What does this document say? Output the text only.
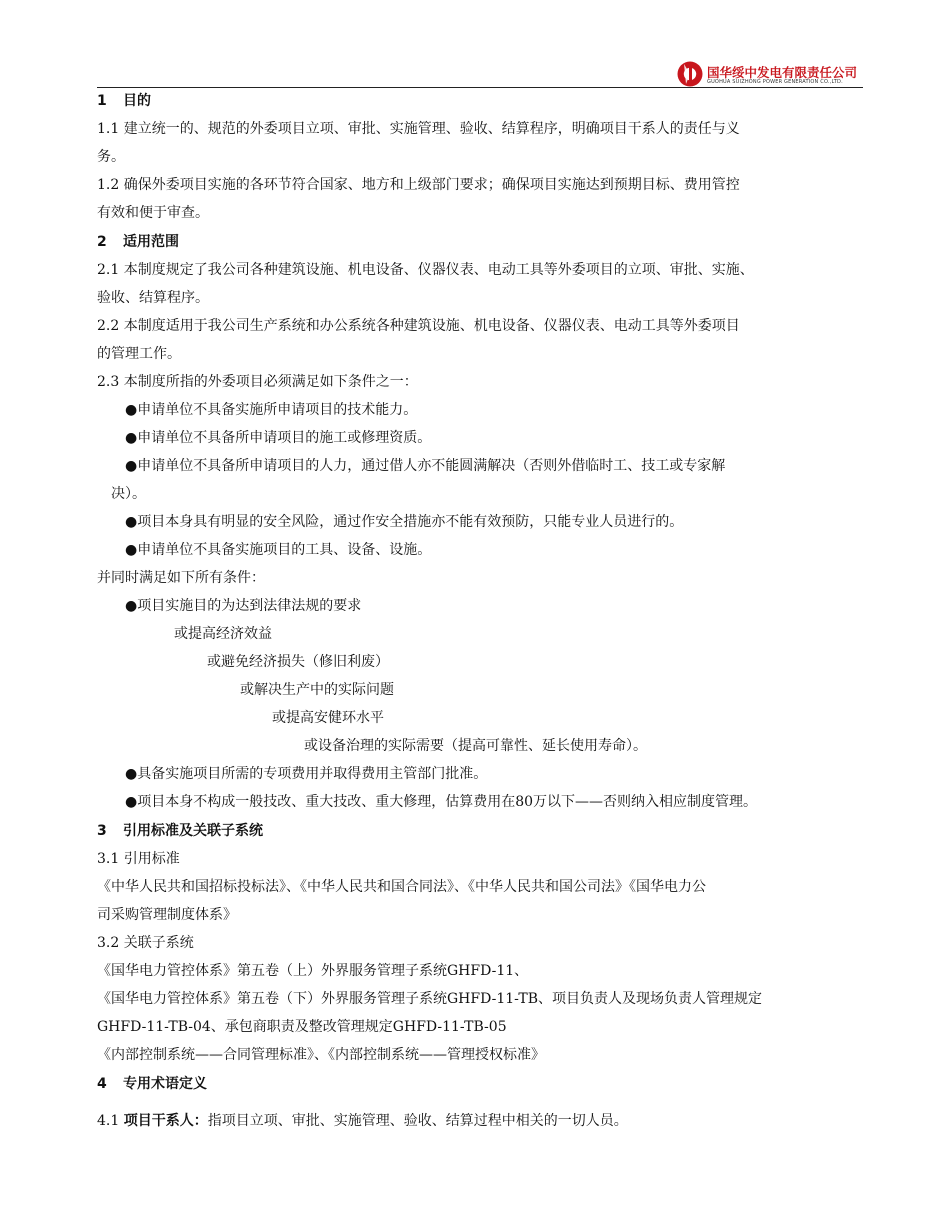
国华绥中发电有限责任公司
GUOHUA SUIZHONG POWER GENERATION CO.,LTD.
1 目的
1.1 建立统一的、规范的外委项目立项、审批、实施管理、验收、结算程序，明确项目干系人的责任与义
务。
1.2 确保外委项目实施的各环节符合国家、地方和上级部门要求；确保项目实施达到预期目标、费用管控
有效和便于审查。
2 适用范围
2.1 本制度规定了我公司各种建筑设施、机电设备、仪器仪表、电动工具等外委项目的立项、审批、实施、
验收、结算程序。
2.2 本制度适用于我公司生产系统和办公系统各种建筑设施、机电设备、仪器仪表、电动工具等外委项目
的管理工作。
2.3 本制度所指的外委项目必须满足如下条件之一：
●申请单位不具备实施所申请项目的技术能力。
●申请单位不具备所申请项目的施工或修理资质。
●申请单位不具备所申请项目的人力，通过借人亦不能圆满解决（否则外借临时工、技工或专家解
决）。
●项目本身具有明显的安全风险，通过作安全措施亦不能有效预防，只能专业人员进行的。
●申请单位不具备实施项目的工具、设备、设施。
并同时满足如下所有条件：
●项目实施目的为达到法律法规的要求
或提高经济效益
或避免经济损失（修旧利废）
或解决生产中的实际问题
或提高安健环水平
或设备治理的实际需要（提高可靠性、延长使用寿命）。
●具备实施项目所需的专项费用并取得费用主管部门批准。
●项目本身不构成一般技改、重大技改、重大修理，估算费用在80万以下——否则纳入相应制度管理。
3 引用标准及关联子系统
3.1 引用标准
《中华人民共和国招标投标法》、《中华人民共和国合同法》、《中华人民共和国公司法》《国华电力公
司采购管理制度体系》
3.2 关联子系统
《国华电力管控体系》第五卷（上）外界服务管理子系统GHFD-11、
《国华电力管控体系》第五卷（下）外界服务管理子系统GHFD-11-TB、项目负责人及现场负责人管理规定
GHFD-11-TB-04、承包商职责及整改管理规定GHFD-11-TB-05
《内部控制系统——合同管理标准》、《内部控制系统——管理授权标准》
4 专用术语定义
4.1 项目干系人：指项目立项、审批、实施管理、验收、结算过程中相关的一切人员。
